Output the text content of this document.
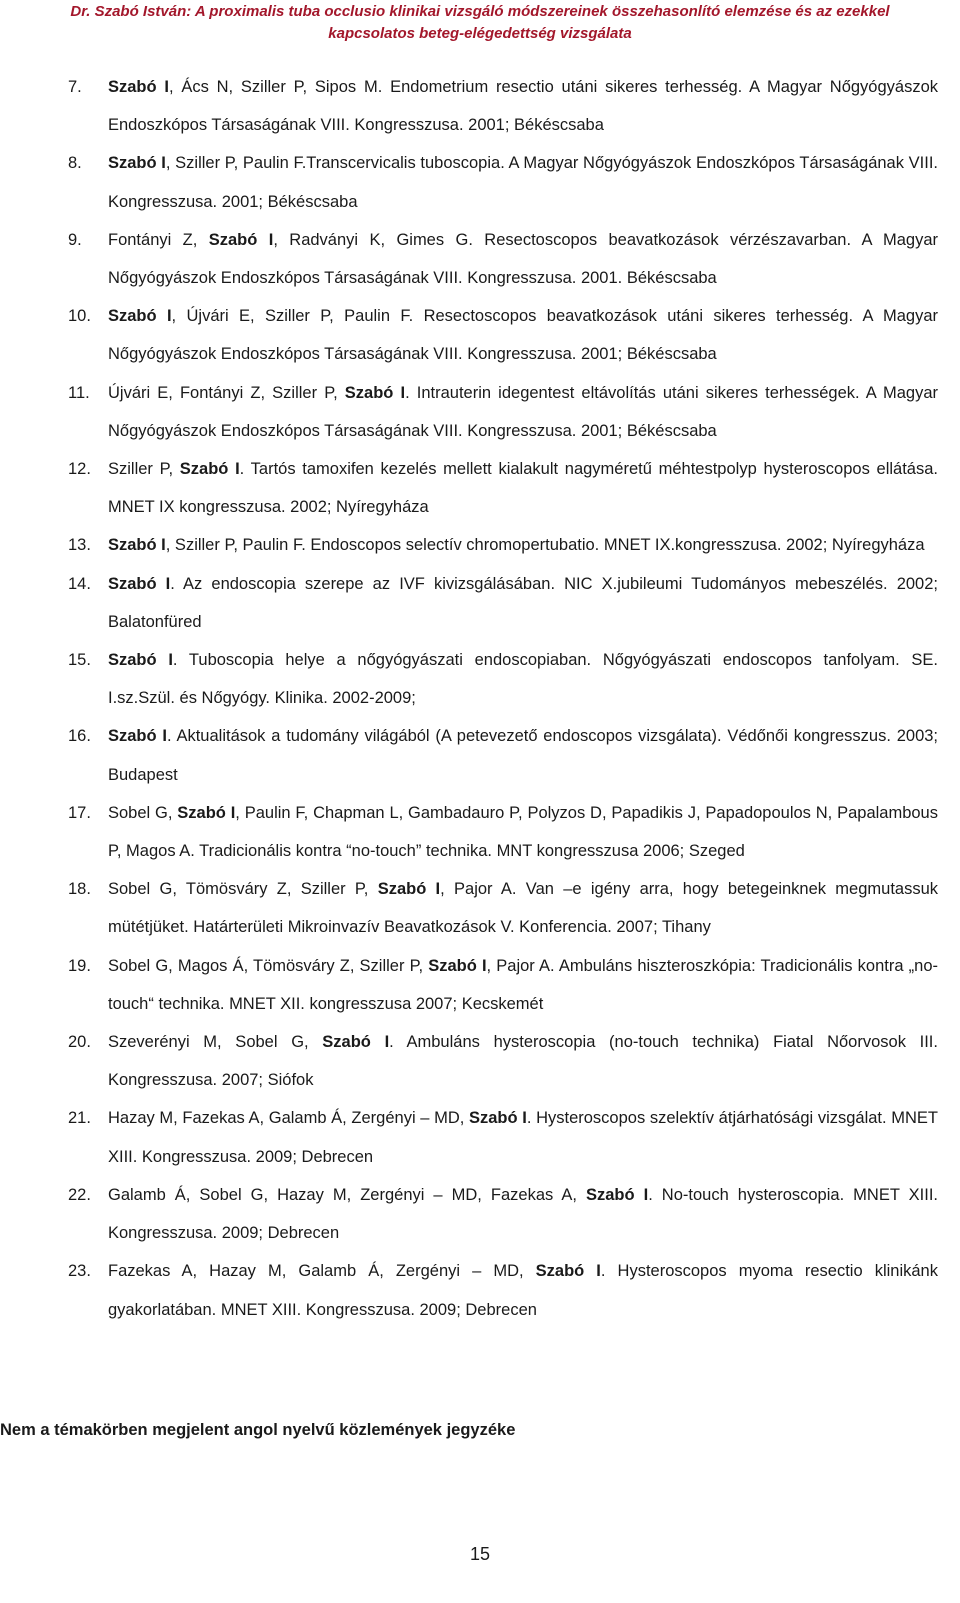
Dr. Szabó István: A proximalis tuba occlusio klinikai vizsgáló módszereinek összehasonlító elemzése és az ezekkel
kapcsolatos beteg-elégedettség vizsgálata
7.	Szabó I, Ács N, Sziller P, Sipos M. Endometrium resectio utáni sikeres terhesség. A Magyar Nőgyógyászok Endoszkópos Társaságának VIII. Kongresszusa. 2001; Békéscsaba
8.	Szabó I, Sziller P, Paulin F.Transcervicalis tuboscopia. A Magyar Nőgyógyászok Endoszkópos Társaságának VIII. Kongresszusa. 2001; Békéscsaba
9.	Fontányi Z, Szabó I, Radványi K, Gimes G. Resectoscopos beavatkozások vérzészavarban. A Magyar Nőgyógyászok Endoszkópos Társaságának VIII. Kongresszusa. 2001. Békéscsaba
10.	Szabó I, Újvári E, Sziller P, Paulin F. Resectoscopos beavatkozások utáni sikeres terhesség. A Magyar Nőgyógyászok Endoszkópos Társaságának VIII. Kongresszusa. 2001; Békéscsaba
11.	Újvári E, Fontányi Z, Sziller P, Szabó I. Intrauterin idegentest eltávolítás utáni sikeres terhességek. A Magyar Nőgyógyászok Endoszkópos Társaságának VIII. Kongresszusa. 2001; Békéscsaba
12.	Sziller P, Szabó I. Tartós tamoxifen kezelés mellett kialakult nagyméretű méhtestpolyp hysteroscopos ellátása. MNET IX kongresszusa. 2002; Nyíregyháza
13.	Szabó I, Sziller P, Paulin F. Endoscopos selectív chromopertubatio. MNET IX.kongresszusa. 2002; Nyíregyháza
14.	Szabó I. Az endoscopia szerepe az IVF kivizsgálásában. NIC X.jubileumi Tudományos mebeszélés. 2002; Balatonfüred
15.	Szabó I. Tuboscopia helye a nőgyógyászati endoscopiaban. Nőgyógyászati endoscopos tanfolyam. SE. I.sz.Szül. és Nőgyógy. Klinika. 2002-2009;
16.	Szabó I. Aktualitások a tudomány világából (A petevezető endoscopos vizsgálata). Védőnői kongresszus. 2003; Budapest
17.	Sobel G, Szabó I, Paulin F, Chapman L, Gambadauro P, Polyzos D, Papadikis J, Papadopoulos N, Papalambous P, Magos A. Tradicionális kontra “no-touch” technika. MNT kongresszusa 2006; Szeged
18.	Sobel G, Tömösváry Z, Sziller P, Szabó I, Pajor A. Van –e igény arra, hogy betegeinknek megmutassuk mütétjüket. Határterületi Mikroinvazív Beavatkozások V. Konferencia. 2007; Tihany
19.	Sobel G, Magos Á, Tömösváry Z, Sziller P, Szabó I, Pajor A. Ambuláns hiszteroszkópia: Tradicionális kontra „no-touch“ technika. MNET XII. kongresszusa 2007; Kecskemét
20.	Szeverényi M, Sobel G, Szabó I. Ambuláns hysteroscopia (no-touch technika) Fiatal Nőorvosok III. Kongresszusa. 2007; Siófok
21.	Hazay M, Fazekas A, Galamb Á, Zergényi – MD, Szabó I. Hysteroscopos szelektív átjárhatósági vizsgálat. MNET XIII. Kongresszusa. 2009; Debrecen
22.	Galamb Á, Sobel G, Hazay M, Zergényi – MD, Fazekas A, Szabó I. No-touch hysteroscopia. MNET XIII. Kongresszusa. 2009; Debrecen
23.	Fazekas A, Hazay M, Galamb Á, Zergényi – MD, Szabó I. Hysteroscopos myoma resectio klinikánk gyakorlatában. MNET XIII. Kongresszusa. 2009; Debrecen
Nem a témakörben megjelent angol nyelvű közlemények jegyzéke
15
